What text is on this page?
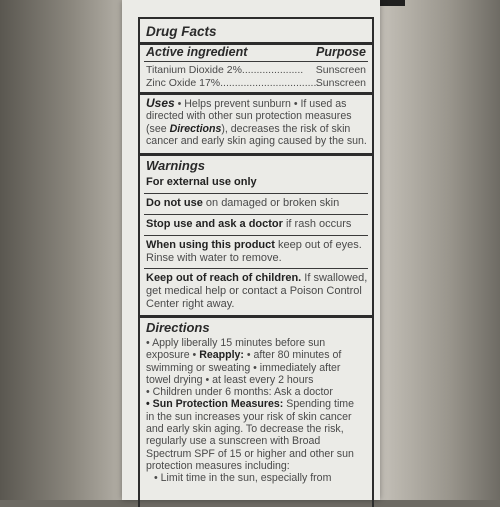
Drug Facts
Active ingredient	Purpose
Titanium Dioxide 2%..................... Sunscreen
Zinc Oxide 17%..................................
Sunscreen
Uses • Helps prevent sunburn • If used as
directed with other sun protection measures
(see Directions), decreases the risk of skin
cancer and early skin aging caused by the sun.
Warnings
For external use only
Do not use on damaged or broken skin
Stop use and ask a doctor if rash occurs
When using this product keep out of eyes.
Rinse with water to remove.
Keep out of reach of children. If swallowed,
get medical help or contact a Poison Control
Center right away.
Directions
• Apply liberally 15 minutes before sun
exposure • Reapply: • after 80 minutes of
swimming or sweating • immediately after
towel drying • at least every 2 hours
• Children under 6 months: Ask a doctor
• Sun Protection Measures: Spending time
in the sun increases your risk of skin cancer
and early skin aging. To decrease the risk,
regularly use a sunscreen with Broad
Spectrum SPF of 15 or higher and other sun
protection measures including:
• Limit time in the sun, especially from
